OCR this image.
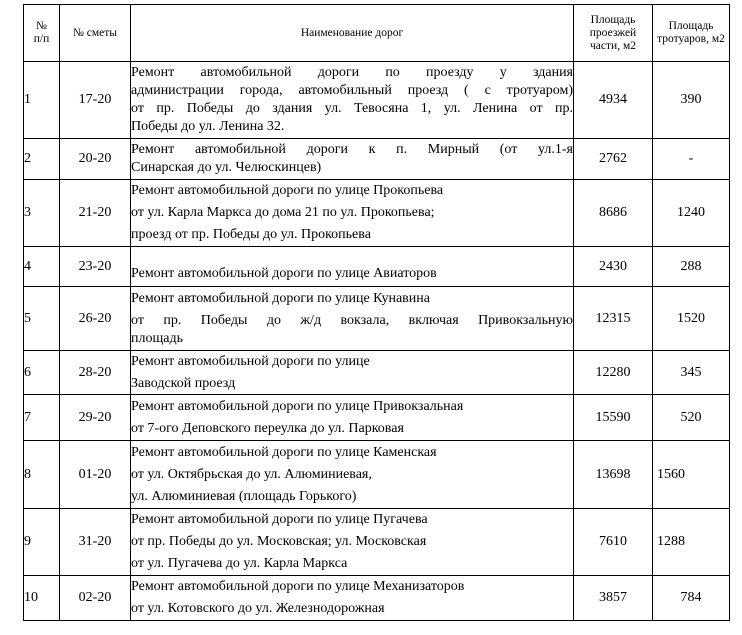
№ п/п	№ сметы	Наименование дорог	Площадь проезжей части, м2	Площадь тротуаров, м2

1	17-20	Ремонт автомобильной дороги по проезду у здания
администрации города, автомобильный проезд ( с тротуаром)
от пр. Победы до здания ул. Тевосяна 1, ул. Ленина от пр.
Победы до ул. Ленина 32.	4934	390
2	20-20	Ремонт автомобильной дороги к п. Мирный (от ул.1-я
Синарская до ул. Челюскинцев)	2762	-
3	21-20	Ремонт автомобильной дороги по улице Прокопьева
от ул. Карла Маркса до дома 21 по ул. Прокопьева;
проезд от пр. Победы до ул. Прокопьева	8686	1240
4	23-20	Ремонт автомобильной дороги по улице Авиаторов	2430	288
5	26-20	Ремонт автомобильной дороги по улице Кунавина
от пр. Победы до ж/д вокзала, включая Привокзальную
площадь	12315	1520
6	28-20	Ремонт автомобильной дороги по улице
Заводской проезд	12280	345
7	29-20	Ремонт автомобильной дороги по улице Привокзальная
от 7-ого Деповского переулка до ул. Парковая	15590	520
8	01-20	Ремонт автомобильной дороги по улице Каменская
от ул. Октябрьская до ул. Алюминиевая,
ул. Алюминиевая (площадь Горького)	13698	1560

9	31-20	Ремонт автомобильной дороги по улице Пугачева
от пр. Победы до ул. Московская; ул. Московская
от ул. Пугачева до ул. Карла Маркса	7610	1288

10	02-20	Ремонт автомобильной дороги по улице Механизаторов
от ул. Котовского до ул. Железнодорожная	3857	784
